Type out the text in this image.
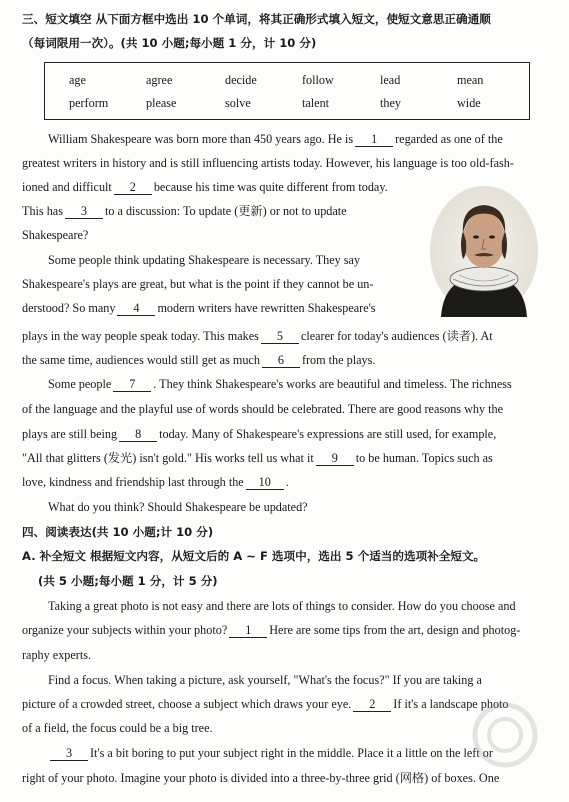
三、短文填空 从下面方框中选出 10 个单词，将其正确形式填入短文，使短文意思正确通顺
（每词限用一次）。(共 10 小题;每小题 1 分，计 10 分)
age	agree	decide	follow	lead	mean
perform	please	solve	talent	they	wide
William Shakespeare was born more than 450 years ago. He is 1 regarded as one of the
greatest writers in history and is still influencing artists today. However, his language is too old-fash-
ioned and difficult 2 because his time was quite different from today.
This has 3 to a discussion: To update (更新) or not to update
Shakespeare?
Some people think updating Shakespeare is necessary. They say
Shakespeare's plays are great, but what is the point if they cannot be un-
derstood? So many 4 modern writers have rewritten Shakespeare's
plays in the way people speak today. This makes 5 clearer for today's audiences (读者). At
the same time, audiences would still get as much 6 from the plays.
Some people 7 . They think Shakespeare's works are beautiful and timeless. The richness
of the language and the playful use of words should be celebrated. There are good reasons why the
plays are still being 8 today. Many of Shakespeare's expressions are still used, for example,
"All that glitters (发光) isn't gold." His works tell us what it 9 to be human. Topics such as
love, kindness and friendship last through the 10 .
What do you think? Should Shakespeare be updated?
四、阅读表达(共 10 小题;计 10 分)
A. 补全短文 根据短文内容，从短文后的 A ~ F 选项中，选出 5 个适当的选项补全短文。
(共 5 小题;每小题 1 分，计 5 分)
Taking a great photo is not easy and there are lots of things to consider. How do you choose and
organize your subjects within your photo? 1 Here are some tips from the art, design and photog-
raphy experts.
Find a focus. When taking a picture, ask yourself, "What's the focus?" If you are taking a
picture of a crowded street, choose a subject which draws your eye. 2 If it's a landscape photo
of a field, the focus could be a big tree.
3 It's a bit boring to put your subject right in the middle. Place it a little on the left or
right of your photo. Imagine your photo is divided into a three-by-three grid (网格) of boxes. One
